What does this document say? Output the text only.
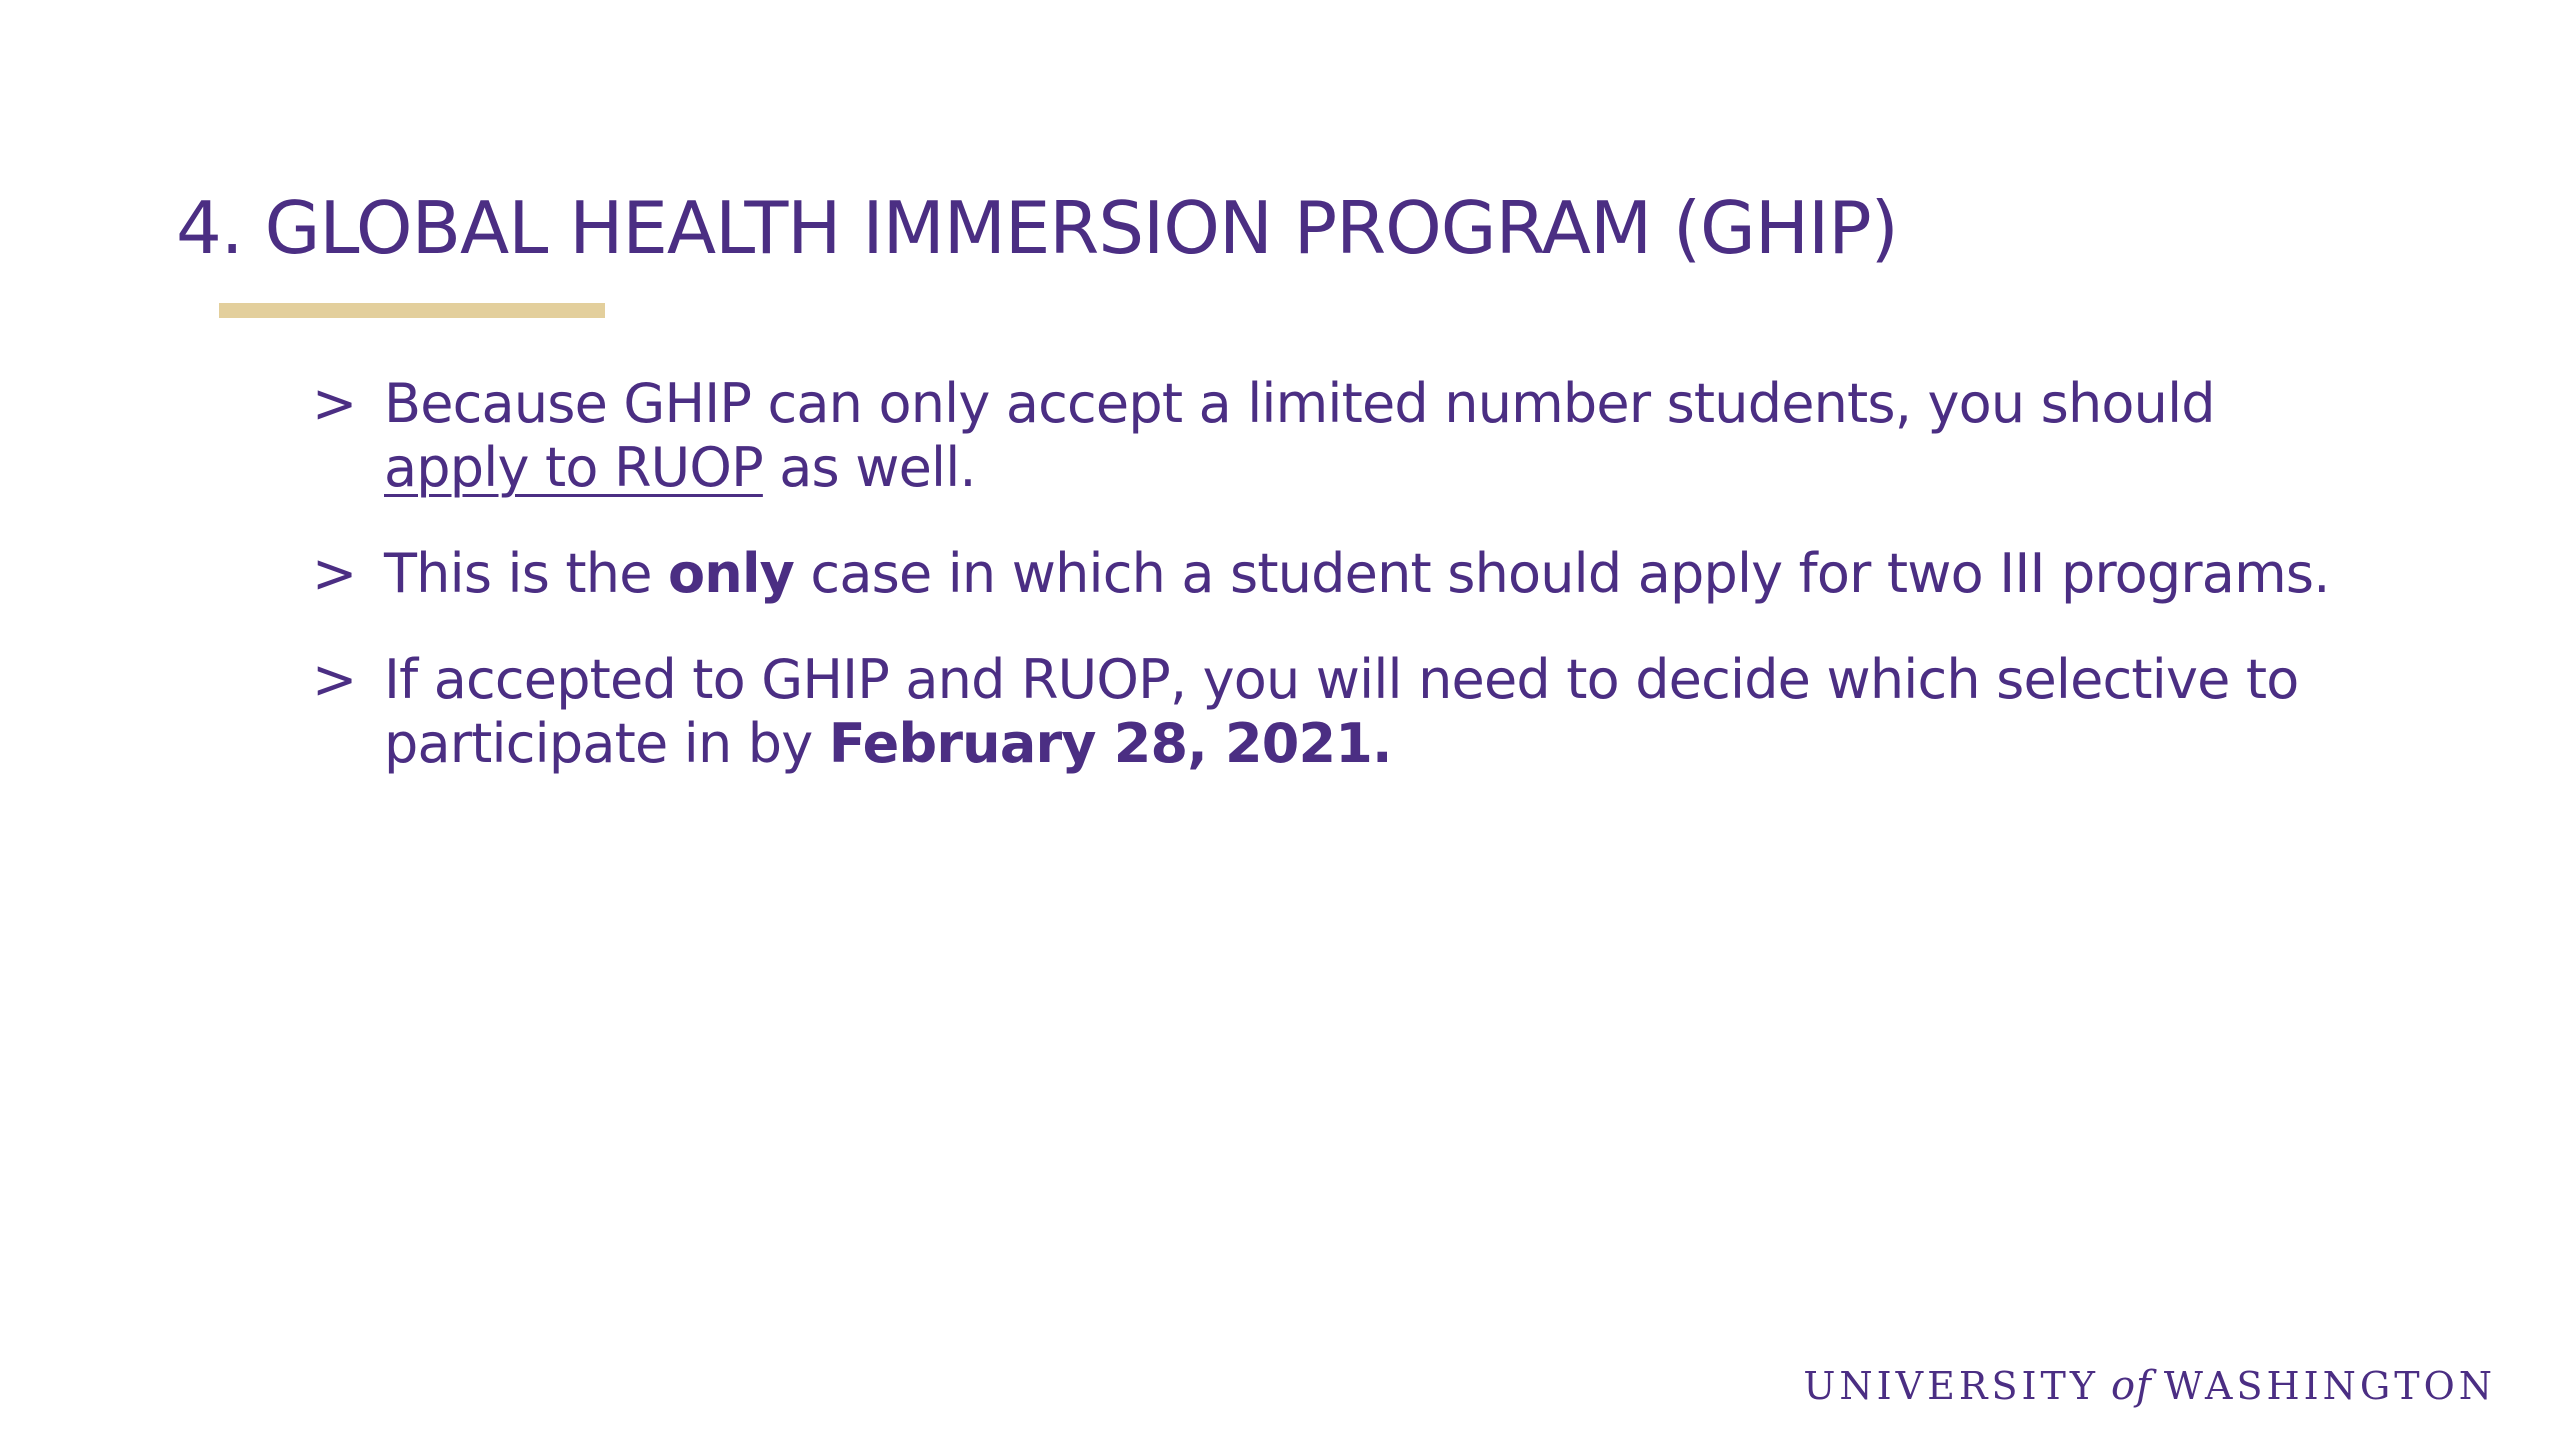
4. GLOBAL HEALTH IMMERSION PROGRAM (GHIP)
> Because GHIP can only accept a limited number students, you should apply to RUOP as well.
> This is the only case in which a student should apply for two III programs.
> If accepted to GHIP and RUOP, you will need to decide which selective to participate in by February 28, 2021.
UNIVERSITY of WASHINGTON
